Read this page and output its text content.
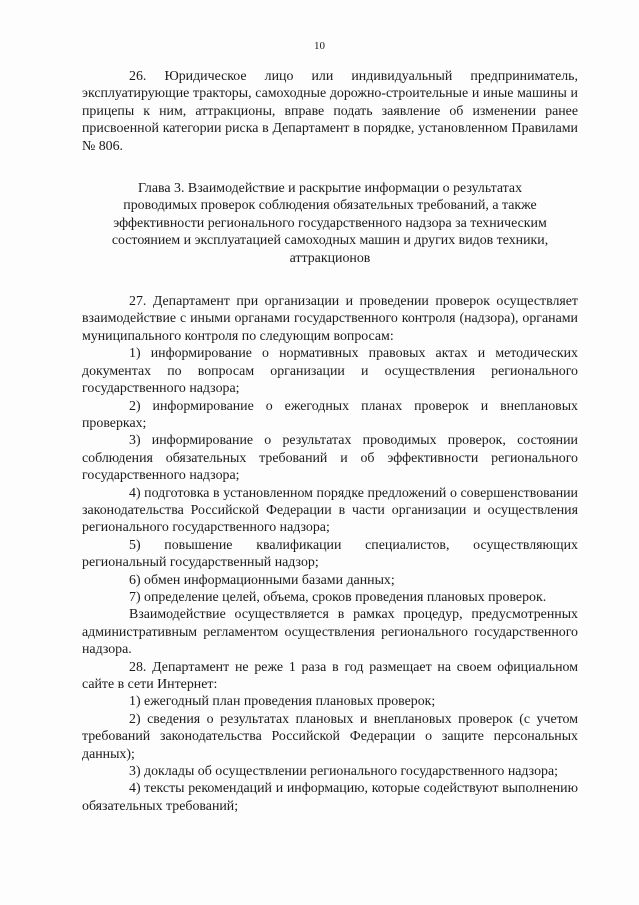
10

26. Юридическое лицо или индивидуальный предприниматель, эксплуатирующие тракторы, самоходные дорожно-строительные и иные машины и прицепы к ним, аттракционы, вправе подать заявление об изменении ранее присвоенной категории риска в Департамент в порядке, установленном Правилами № 806.

Глава 3. Взаимодействие и раскрытие информации о результатах
проводимых проверок соблюдения обязательных требований, а также
эффективности регионального государственного надзора за техническим
состоянием и эксплуатацией самоходных машин и других видов техники,
аттракционов

27. Департамент при организации и проведении проверок осуществляет взаимодействие с иными органами государственного контроля (надзора), органами муниципального контроля по следующим вопросам:

1) информирование о нормативных правовых актах и методических документах по вопросам организации и осуществления регионального государственного надзора;

2) информирование о ежегодных планах проверок и внеплановых проверках;

3) информирование о результатах проводимых проверок, состоянии соблюдения обязательных требований и об эффективности регионального государственного надзора;

4) подготовка в установленном порядке предложений о совершенствовании законодательства Российской Федерации в части организации и осуществления регионального государственного надзора;

5) повышение квалификации специалистов, осуществляющих региональный государственный надзор;

6) обмен информационными базами данных;

7) определение целей, объема, сроков проведения плановых проверок.

Взаимодействие осуществляется в рамках процедур, предусмотренных административным регламентом осуществления регионального государственного надзора.

28. Департамент не реже 1 раза в год размещает на своем официальном сайте в сети Интернет:

1) ежегодный план проведения плановых проверок;

2) сведения о результатах плановых и внеплановых проверок (с учетом требований законодательства Российской Федерации о защите персональных данных);

3) доклады об осуществлении регионального государственного надзора;

4) тексты рекомендаций и информацию, которые содействуют выполнению обязательных требований;
